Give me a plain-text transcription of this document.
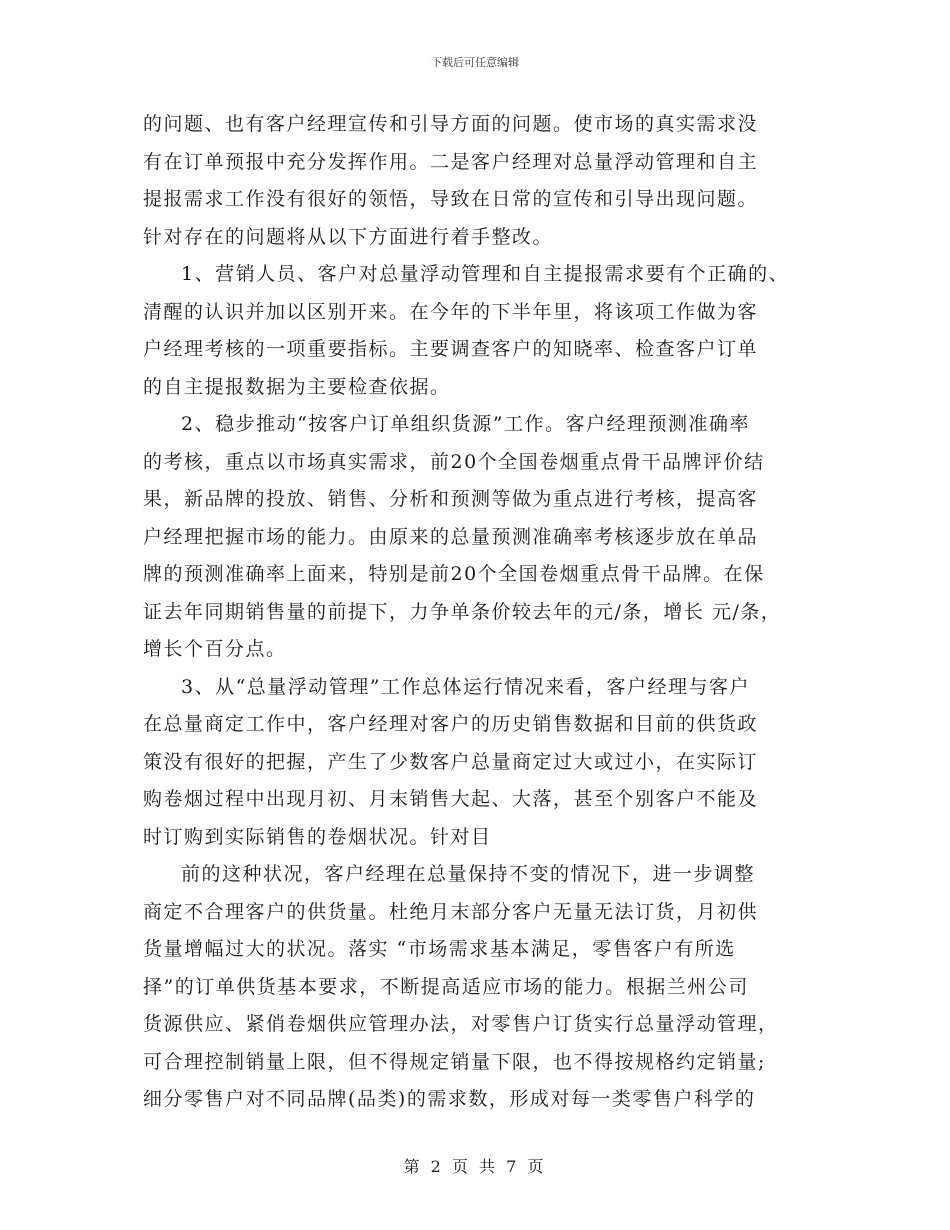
下载后可任意编辑
的问题、也有客户经理宣传和引导方面的问题。使市场的真实需求没
有在订单预报中充分发挥作用。二是客户经理对总量浮动管理和自主
提报需求工作没有很好的领悟，导致在日常的宣传和引导出现问题。
针对存在的问题将从以下方面进行着手整改。
1、营销人员、客户对总量浮动管理和自主提报需求要有个正确的、
清醒的认识并加以区别开来。在今年的下半年里，将该项工作做为客
户经理考核的一项重要指标。主要调查客户的知晓率、检查客户订单
的自主提报数据为主要检查依据。
2、稳步推动“按客户订单组织货源”工作。客户经理预测准确率
的考核，重点以市场真实需求，前20个全国卷烟重点骨干品牌评价结
果，新品牌的投放、销售、分析和预测等做为重点进行考核，提高客
户经理把握市场的能力。由原来的总量预测准确率考核逐步放在单品
牌的预测准确率上面来，特别是前20个全国卷烟重点骨干品牌。在保
证去年同期销售量的前提下，力争单条价较去年的元/条，增长 元/条，
增长个百分点。
3、从“总量浮动管理”工作总体运行情况来看，客户经理与客户
在总量商定工作中，客户经理对客户的历史销售数据和目前的供货政
策没有很好的把握，产生了少数客户总量商定过大或过小，在实际订
购卷烟过程中出现月初、月末销售大起、大落，甚至个别客户不能及
时订购到实际销售的卷烟状况。针对目
前的这种状况，客户经理在总量保持不变的情况下，进一步调整
商定不合理客户的供货量。杜绝月末部分客户无量无法订货，月初供
货量增幅过大的状况。落实 “市场需求基本满足，零售客户有所选
择”的订单供货基本要求，不断提高适应市场的能力。根据兰州公司
货源供应、紧俏卷烟供应管理办法，对零售户订货实行总量浮动管理，
可合理控制销量上限，但不得规定销量下限，也不得按规格约定销量;
细分零售户对不同品牌(品类)的需求数，形成对每一类零售户科学的
第 2 页 共 7 页
